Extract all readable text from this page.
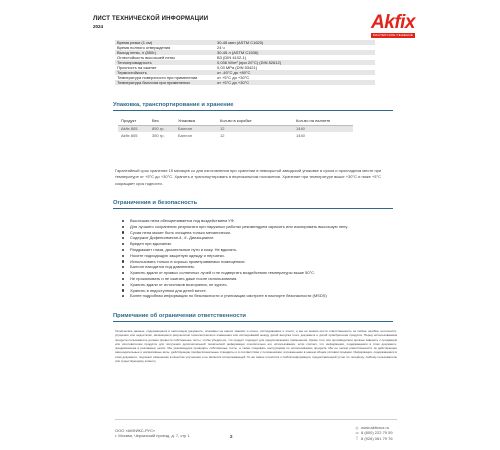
ЛИСТ ТЕХНИЧЕСКОЙ ИНФОРМАЦИИ
2024	Akfix
МАСТЕРСКОЕ РЕШЕНИЕ
Время резки (1 см)	30-45 мин (ASTM C1620)
Время полного отверждения	24 ч
Выход пены, л (850г)	30-45 л (ASTM C1536)
Огнестойкость высохшей пены	B3 (DIN 4102-1)
Теплопроводность	0,036 W/m² (при 20°C) (DIN 52612)
Прочность на сжатие	0,03 MPa (DIN 53421)
Термостойкость	от -40°C до +80°C
Температура поверхности при применении	от +5°C до +30°C
Температура баллона при применении	от +5°C до +30°C
Упаковка, транспортирование и хранение
Продукт	Вес	Упаковка	Кол-во в коробке	Кол-во на паллете
Akfix 805	850 гр.	Баллон	12	1440
Akfix 805	350 гр.	Баллон	12	1440

Гарантийный срок хранения 15 месяцев со дня изготовления при хранении в невскрытой заводской упаковке в сухом и прохладном месте при температуре от +5°C до +30°C. Хранить и транспортировать в вертикальном положении. Хранение при температуре выше +30°C и ниже +5°C сокращает срок годности.

Ограничения и безопасность
Высохшая пена обесцвечивается под воздействием УФ.
Для лучшего сохранения результата при наружных работах рекомендуем окрасить или изолировать высохшую пену.
Сухая пена может быть очищена только механически.
Содержит Дифенилметан-4, 4'- Диизоцианат.
Вреден при вдыхании.
Раздражает глаза, дыхательные пути и кожу. Не вдыхать.
Носите подходящую защитную одежду и перчатки.
Использовать только в хорошо проветриваемых помещениях.
Баллон находится под давлением.
Хранить вдали от прямых солнечных лучей и не подвергать воздействию температуры выше 50°C.
Не прокалывать и не сжигать даже после использования.
Хранить вдали от источников возгорания, не курить.
Хранить в недоступном для детей месте.
Более подробная информация по безопасности и утилизации смотрите в паспорте безопасности (MSDS)
Примечание об ограничении ответственности

Технические данные, содержащиеся в настоящем документе, основаны на наших знаниях и опыте, исследованиях и опыте, и мы не можем нести ответственность за любые ошибки, неточности, упущения или недостатки, являющиеся результатом технологического изменения или исследований между датой выпуска этого документа и датой приобретения продукта. Перед использованием продукта пользователь должен провести собственные тесты, чтобы убедиться, что продукт подходит для предполагаемого применения. Кроме того, все производители должны заверить с продавцом или изготовителем продукта для получения дополнительной технической информации относительно его использования, если считает, что информация, содержащаяся в этом документе, предназначена в рекламных целях. Мы рекомендуем проводить собственные тесты, а также следовать инструкциям по использованию продукта. Мы не несем ответственности за действующие законодательные и нормативные акты, действующие профессиональные стандарты и в соответствии с положениями, изложенными в нашем общем условии продажи. Информация, содержащаяся в этом документе, подлежит изменению в качестве улучшения и не является исчерпывающей. То же самое относится к любой информации, предоставленной устно по телефону, любому пользователю или существующему клиенту.

ООО «АКФИКС-РУС»
г. Москва, Черкизский проезд, д. 7, стр 1	2
◎ www.akfixrus.ru
☏ 8 (800) 222 79 59
▯ 8 (926) 061 79 76
